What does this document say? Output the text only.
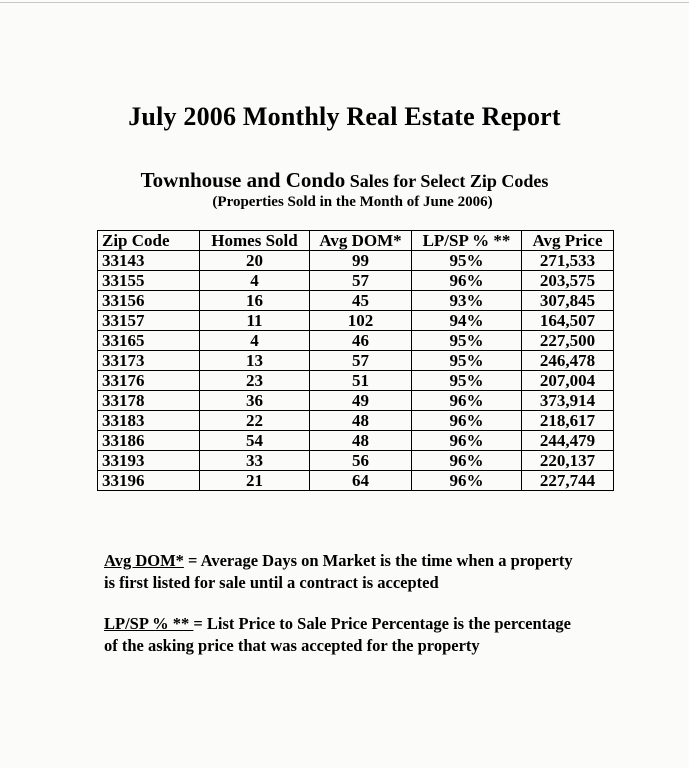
July 2006 Monthly Real Estate Report
Townhouse and Condo Sales for Select Zip Codes
(Properties Sold in the Month of June 2006)
Zip Code	Homes Sold	Avg DOM*	LP/SP % **	Avg Price
33143	20	99	95%	271,533
33155	4	57	96%	203,575
33156	16	45	93%	307,845
33157	11	102	94%	164,507
33165	4	46	95%	227,500
33173	13	57	95%	246,478
33176	23	51	95%	207,004
33178	36	49	96%	373,914
33183	22	48	96%	218,617
33186	54	48	96%	244,479
33193	33	56	96%	220,137
33196	21	64	96%	227,744
Avg DOM* = Average Days on Market is the time when a property is first listed for sale until a contract is accepted
LP/SP % ** = List Price to Sale Price Percentage is the percentage of the asking price that was accepted for the property
